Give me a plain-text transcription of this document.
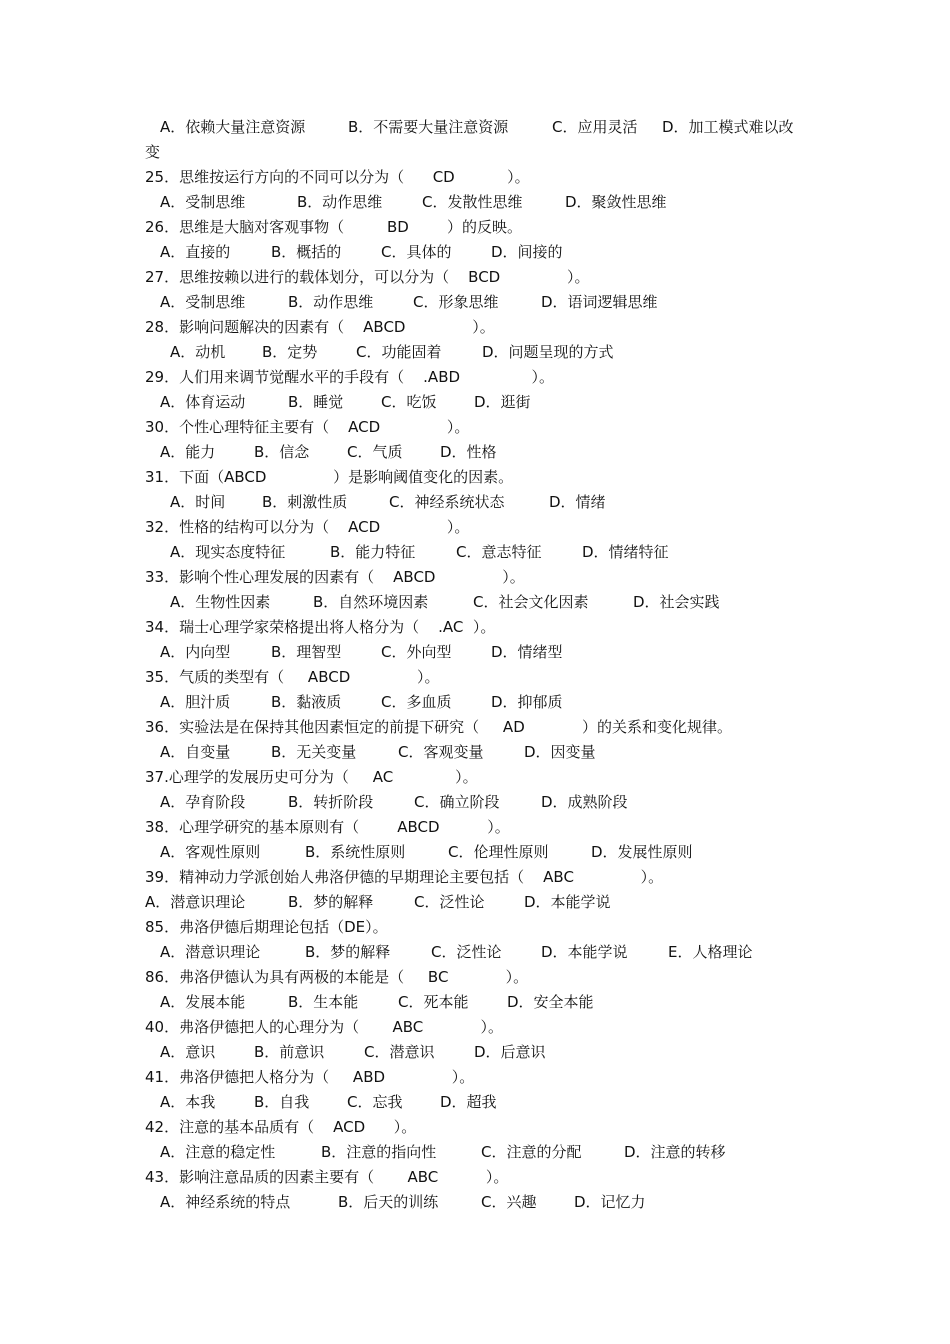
A．依赖大量注意资源	B．不需要大量注意资源	C．应用灵活 D．加工模式难以改
变
25．思维按运行方向的不同可以分为（      CD           ）。
A．受制思维	B．动作思维	C．发散性思维	D．聚敛性思维
26．思维是大脑对客观事物（         BD        ）的反映。
A．直接的	B．概括的	C．具体的	D．间接的
27．思维按赖以进行的载体划分，可以分为（    BCD              ）。
A．受制思维	B．动作思维	C．形象思维	D．语词逻辑思维
28．影响问题解决的因素有（    ABCD              ）。
A．动机 B．定势	C．功能固着	D．问题呈现的方式
29．人们用来调节觉醒水平的手段有（    .ABD               ）。
A．体育运动	B．睡觉	C．吃饭	D．逛街
30．个性心理特征主要有（    ACD              ）。
A．能力	B．信念	C．气质	D．性格
31．下面（ABCD              ）是影响阈值变化的因素。
A．时间 B．刺激性质	C．神经系统状态	D．情绪
32．性格的结构可以分为（    ACD              ）。
A．现实态度特征	B．能力特征	C．意志特征	D．情绪特征
33．影响个性心理发展的因素有（    ABCD              ）。
A．生物性因素	B．自然环境因素	C．社会文化因素	D．社会实践
34．瑞士心理学家荣格提出将人格分为（    .AC  ）。
A．内向型	B．理智型	C．外向型	D．情绪型
35．气质的类型有（     ABCD              ）。
A．胆汁质	B．黏液质	C．多血质	D．抑郁质
36．实验法是在保持其他因素恒定的前提下研究（     AD            ）的关系和变化规律。
A．自变量	B．无关变量	C．客观变量	D．因变量
37.心理学的发展历史可分为（     AC             ）。
A．孕育阶段	B．转折阶段	C．确立阶段	D．成熟阶段
38．心理学研究的基本原则有（        ABCD          ）。
A．客观性原则	B．系统性原则	C．伦理性原则	D．发展性原则
39．精神动力学派创始人弗洛伊德的早期理论主要包括（    ABC              ）。
A．潜意识理论	B．梦的解释	C．泛性论	D．本能学说
85．弗洛伊德后期理论包括（DE）。
A．潜意识理论	B．梦的解释	C．泛性论	D．本能学说	E．人格理论
86．弗洛伊德认为具有两极的本能是（     BC            ）。
A．发展本能	B．生本能	C．死本能	D．安全本能
40．弗洛伊德把人的心理分为（       ABC            ）。
A．意识	B．前意识	C．潜意识	D．后意识
41．弗洛伊德把人格分为（     ABD              ）。
A．本我	B．自我	C．忘我	D．超我
42．注意的基本品质有（    ACD      ）。
A．注意的稳定性	B．注意的指向性	C．注意的分配	D．注意的转移
43．影响注意品质的因素主要有（       ABC          ）。
A．神经系统的特点	B．后天的训练	C．兴趣	D．记忆力
